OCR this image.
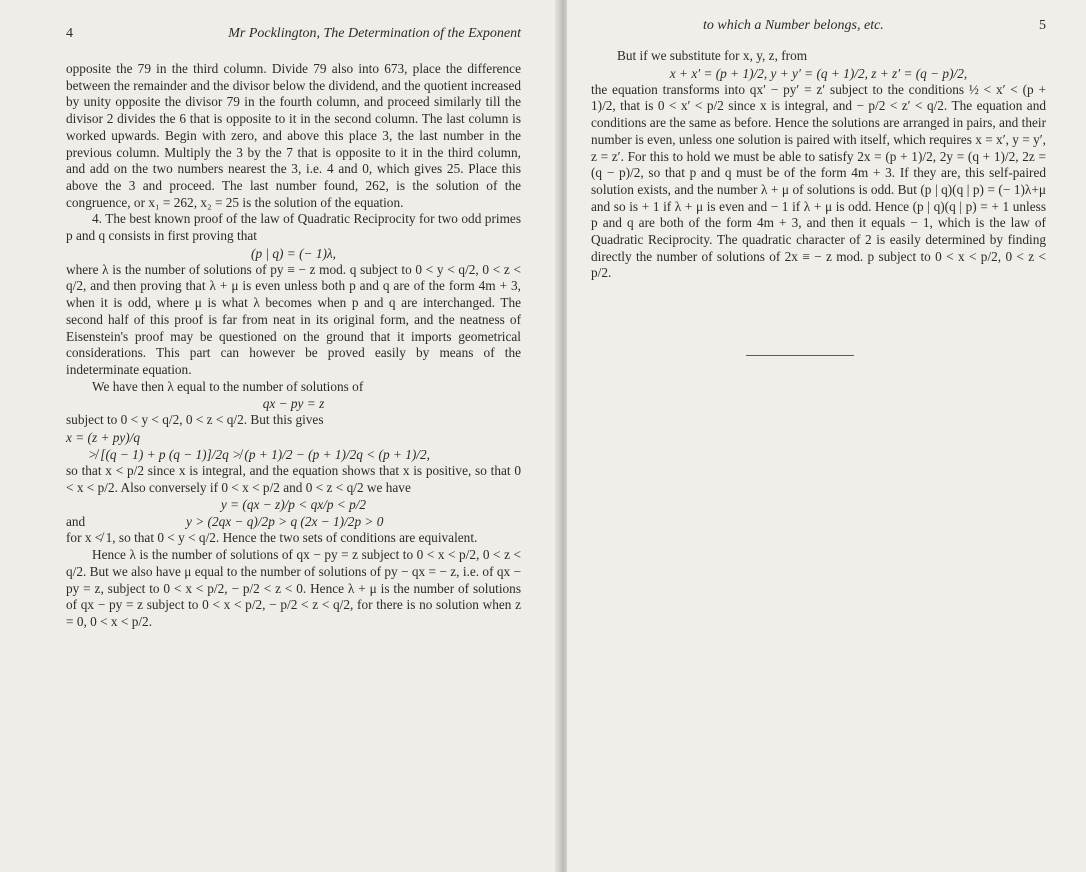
4	Mr Pocklington, The Determination of the Exponent

opposite the 79 in the third column. Divide 79 also into 673, place the difference between the remainder and the divisor below the dividend, and the quotient increased by unity opposite the divisor 79 in the fourth column, and proceed similarly till the divisor 2 divides the 6 that is opposite to it in the second column. The last column is worked upwards. Begin with zero, and above this place 3, the last number in the previous column. Multiply the 3 by the 7 that is opposite to it in the third column, and add on the two numbers nearest the 3, i.e. 4 and 0, which gives 25. Place this above the 3 and proceed. The last number found, 262, is the solution of the congruence, or x₁ = 262, x₂ = 25 is the solution of the equation.

4. The best known proof of the law of Quadratic Reciprocity for two odd primes p and q consists in first proving that

(p | q) = (− 1)λ,

where λ is the number of solutions of py ≡ − z mod. q subject to 0 < y < q/2, 0 < z < q/2, and then proving that λ + μ is even unless both p and q are of the form 4m + 3, when it is odd, where μ is what λ becomes when p and q are interchanged. The second half of this proof is far from neat in its original form, and the neatness of Eisenstein's proof may be questioned on the ground that it imports geometrical considerations. This part can however be proved easily by means of the indeterminate equation.

We have then λ equal to the number of solutions of

qx − py = z

subject to 0 < y < q/2, 0 < z < q/2. But this gives

x = (z + py)/q
≯ [(q − 1) + p (q − 1)]/2q ≯ (p + 1)/2 − (p + 1)/2q < (p + 1)/2,

so that x < p/2 since x is integral, and the equation shows that x is positive, so that 0 < x < p/2. Also conversely if 0 < x < p/2 and 0 < z < q/2 we have

y = (qx − z)/p < qx/p < p/2
and	y > (2qx − q)/2p > q (2x − 1)/2p > 0

for x ≮ 1, so that 0 < y < q/2. Hence the two sets of conditions are equivalent.

Hence λ is the number of solutions of qx − py = z subject to 0 < x < p/2, 0 < z < q/2. But we also have μ equal to the number of solutions of py − qx = − z, i.e. of qx − py = z, subject to 0 < x < p/2, − p/2 < z < 0. Hence λ + μ is the number of solutions of qx − py = z subject to 0 < x < p/2, − p/2 < z < q/2, for there is no solution when z = 0, 0 < x < p/2.

to which a Number belongs, etc.	5

But if we substitute for x, y, z, from

x + x′ = (p + 1)/2, y + y′ = (q + 1)/2, z + z′ = (q − p)/2,

the equation transforms into qx′ − py′ = z′ subject to the conditions ½ < x′ < (p + 1)/2, that is 0 < x′ < p/2 since x is integral, and − p/2 < z′ < q/2. The equation and conditions are the same as before. Hence the solutions are arranged in pairs, and their number is even, unless one solution is paired with itself, which requires x = x′, y = y′, z = z′. For this to hold we must be able to satisfy 2x = (p + 1)/2, 2y = (q + 1)/2, 2z = (q − p)/2, so that p and q must be of the form 4m + 3. If they are, this self-paired solution exists, and the number λ + μ of solutions is odd. But (p | q)(q | p) = (− 1)λ+μ and so is + 1 if λ + μ is even and − 1 if λ + μ is odd. Hence (p | q)(q | p) = + 1 unless p and q are both of the form 4m + 3, and then it equals − 1, which is the law of Quadratic Reciprocity. The quadratic character of 2 is easily determined by finding directly the number of solutions of 2x ≡ − z mod. p subject to 0 < x < p/2, 0 < z < p/2.
